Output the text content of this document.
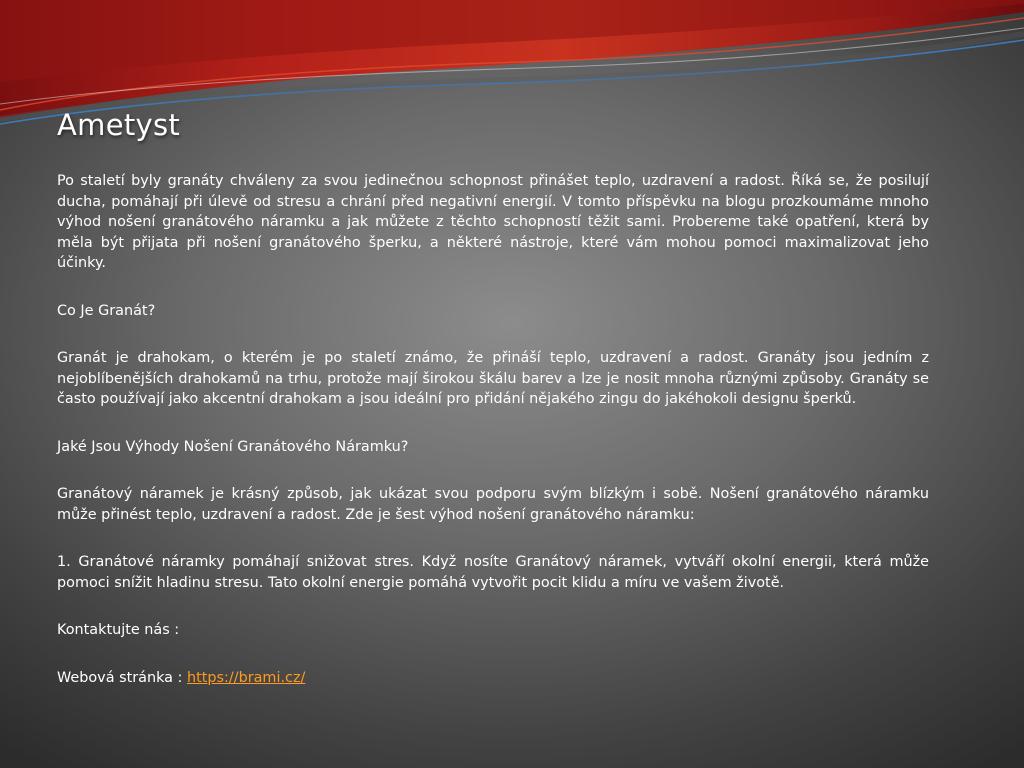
Ametyst

Po staletí byly granáty chváleny za svou jedinečnou schopnost přinášet teplo, uzdravení a radost. Říká se, že posilují ducha, pomáhají při úlevě od stresu a chrání před negativní energií. V tomto příspěvku na blogu prozkoumáme mnoho výhod nošení granátového náramku a jak můžete z těchto schopností těžit sami. Probereme také opatření, která by měla být přijata při nošení granátového šperku, a některé nástroje, které vám mohou pomoci maximalizovat jeho účinky.

Co Je Granát?

Granát je drahokam, o kterém je po staletí známo, že přináší teplo, uzdravení a radost. Granáty jsou jedním z nejoblíbenějších drahokamů na trhu, protože mají širokou škálu barev a lze je nosit mnoha různými způsoby. Granáty se často používají jako akcentní drahokam a jsou ideální pro přidání nějakého zingu do jakéhokoli designu šperků.

Jaké Jsou Výhody Nošení Granátového Náramku?

Granátový náramek je krásný způsob, jak ukázat svou podporu svým blízkým i sobě. Nošení granátového náramku může přinést teplo, uzdravení a radost. Zde je šest výhod nošení granátového náramku:

1. Granátové náramky pomáhají snižovat stres. Když nosíte Granátový náramek, vytváří okolní energii, která může pomoci snížit hladinu stresu. Tato okolní energie pomáhá vytvořit pocit klidu a míru ve vašem životě.

Kontaktujte nás :

Webová stránka : https://brami.cz/
